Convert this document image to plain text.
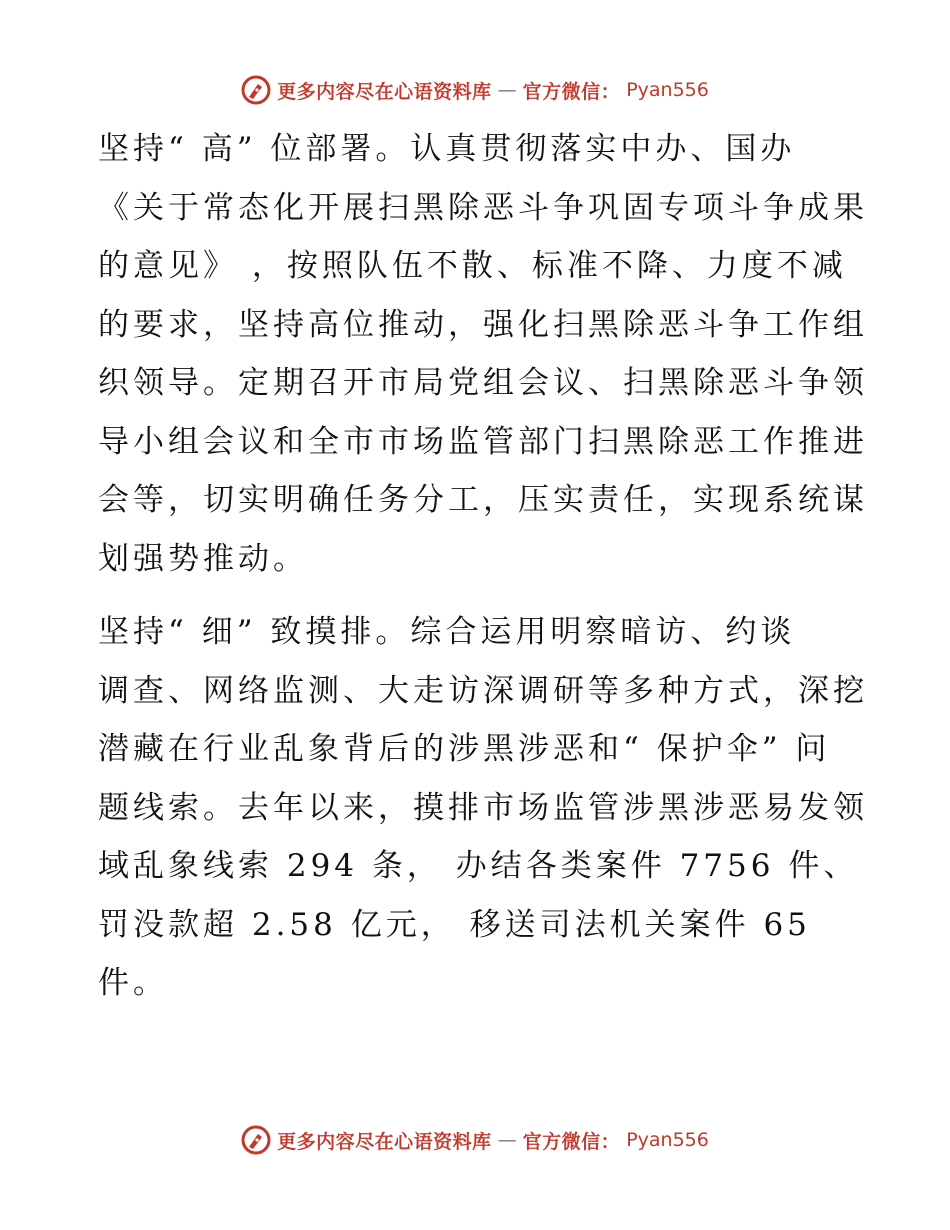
更多内容尽在心语资料库 — 官方微信： Pyan556

坚持“ 高” 位部署。认真贯彻落实中办、国办
《关于常态化开展扫黑除恶斗争巩固专项斗争成果
的意见》 ，按照队伍不散、标准不降、力度不减
的要求，坚持高位推动，强化扫黑除恶斗争工作组
织领导。定期召开市局党组会议、扫黑除恶斗争领
导小组会议和全市市场监管部门扫黑除恶工作推进
会等，切实明确任务分工，压实责任，实现系统谋
划强势推动。

坚持“ 细” 致摸排。综合运用明察暗访、约谈
调查、网络监测、大走访深调研等多种方式，深挖
潜藏在行业乱象背后的涉黑涉恶和“ 保护伞” 问
题线索。去年以来，摸排市场监管涉黑涉恶易发领
域乱象线索 294 条， 办结各类案件 7756 件、
罚没款超 2.58 亿元， 移送司法机关案件 65
件。

更多内容尽在心语资料库 — 官方微信： Pyan556
